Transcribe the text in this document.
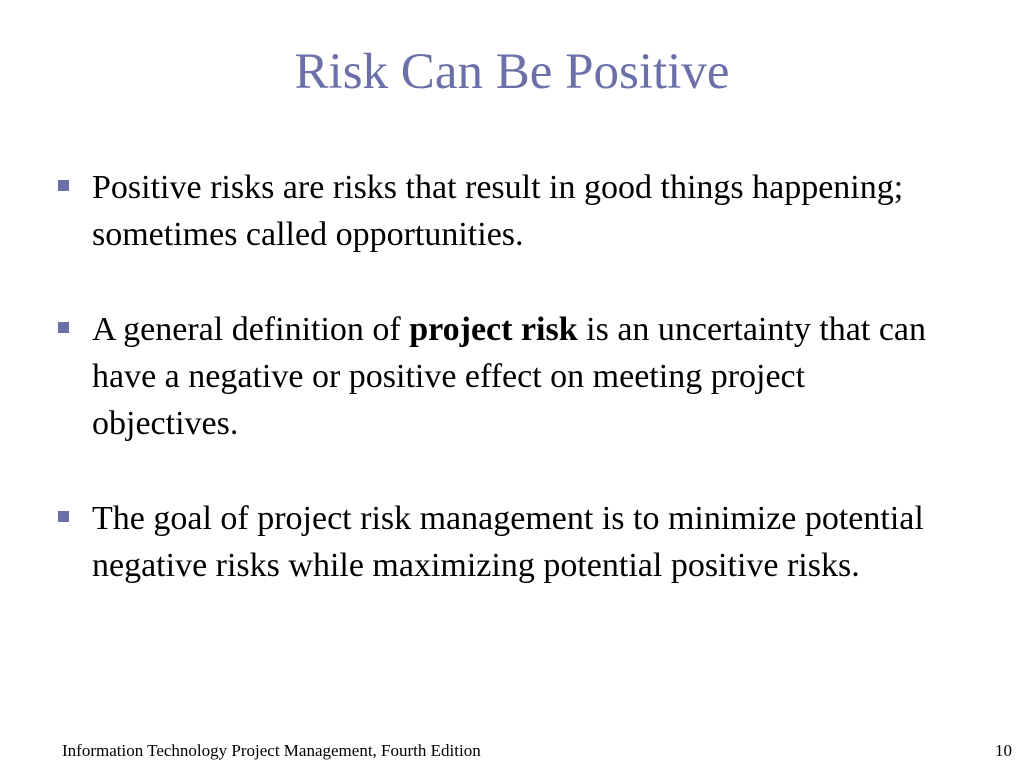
Risk Can Be Positive
Positive risks are risks that result in good things happening; sometimes called opportunities.
A general definition of project risk is an uncertainty that can have a negative or positive effect on meeting project objectives.
The goal of project risk management is to minimize potential negative risks while maximizing potential positive risks.
Information Technology Project Management, Fourth Edition	10
